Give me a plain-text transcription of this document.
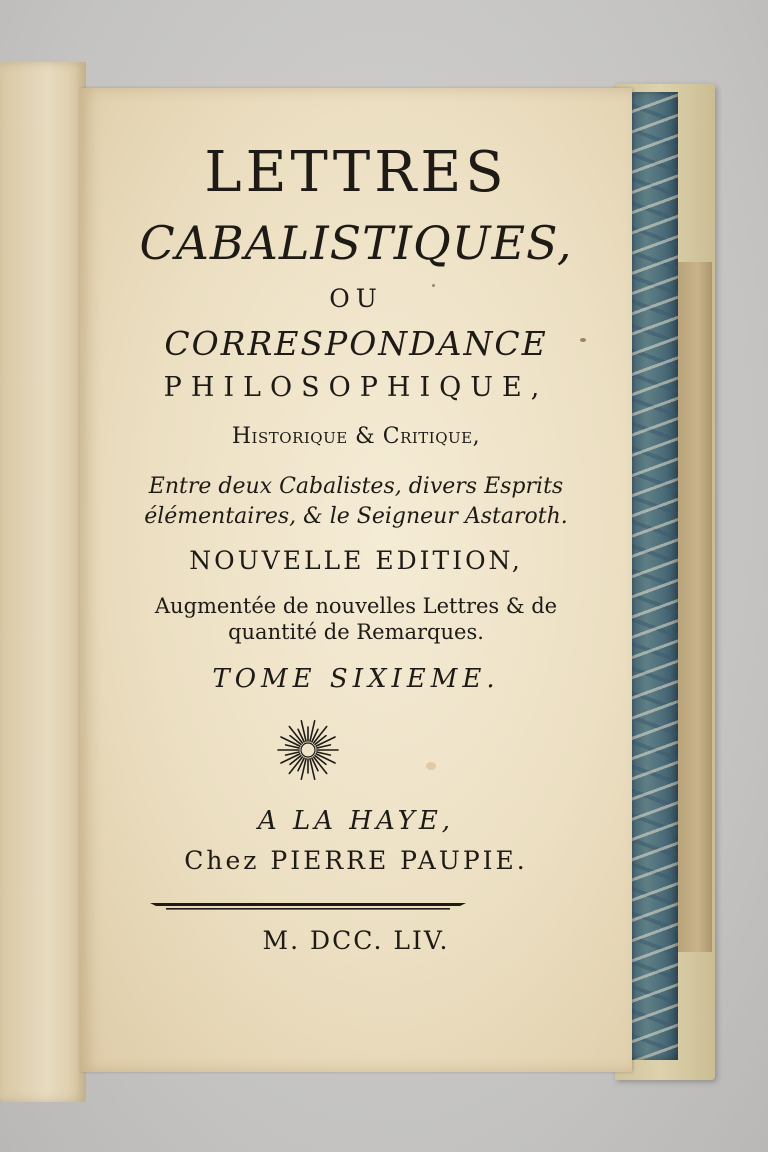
LETTRES

CABALISTIQUES,

OU

CORRESPONDANCE

PHILOSOPHIQUE,

Historique & Critique,

Entre deux Cabalistes, divers Esprits

élémentaires, & le Seigneur Astaroth.

NOUVELLE EDITION,

Augmentée de nouvelles Lettres & de

quantité de Remarques.

TOME SIXIEME.

A LA HAYE,

Chez PIERRE PAUPIE.

M. DCC. LIV.
